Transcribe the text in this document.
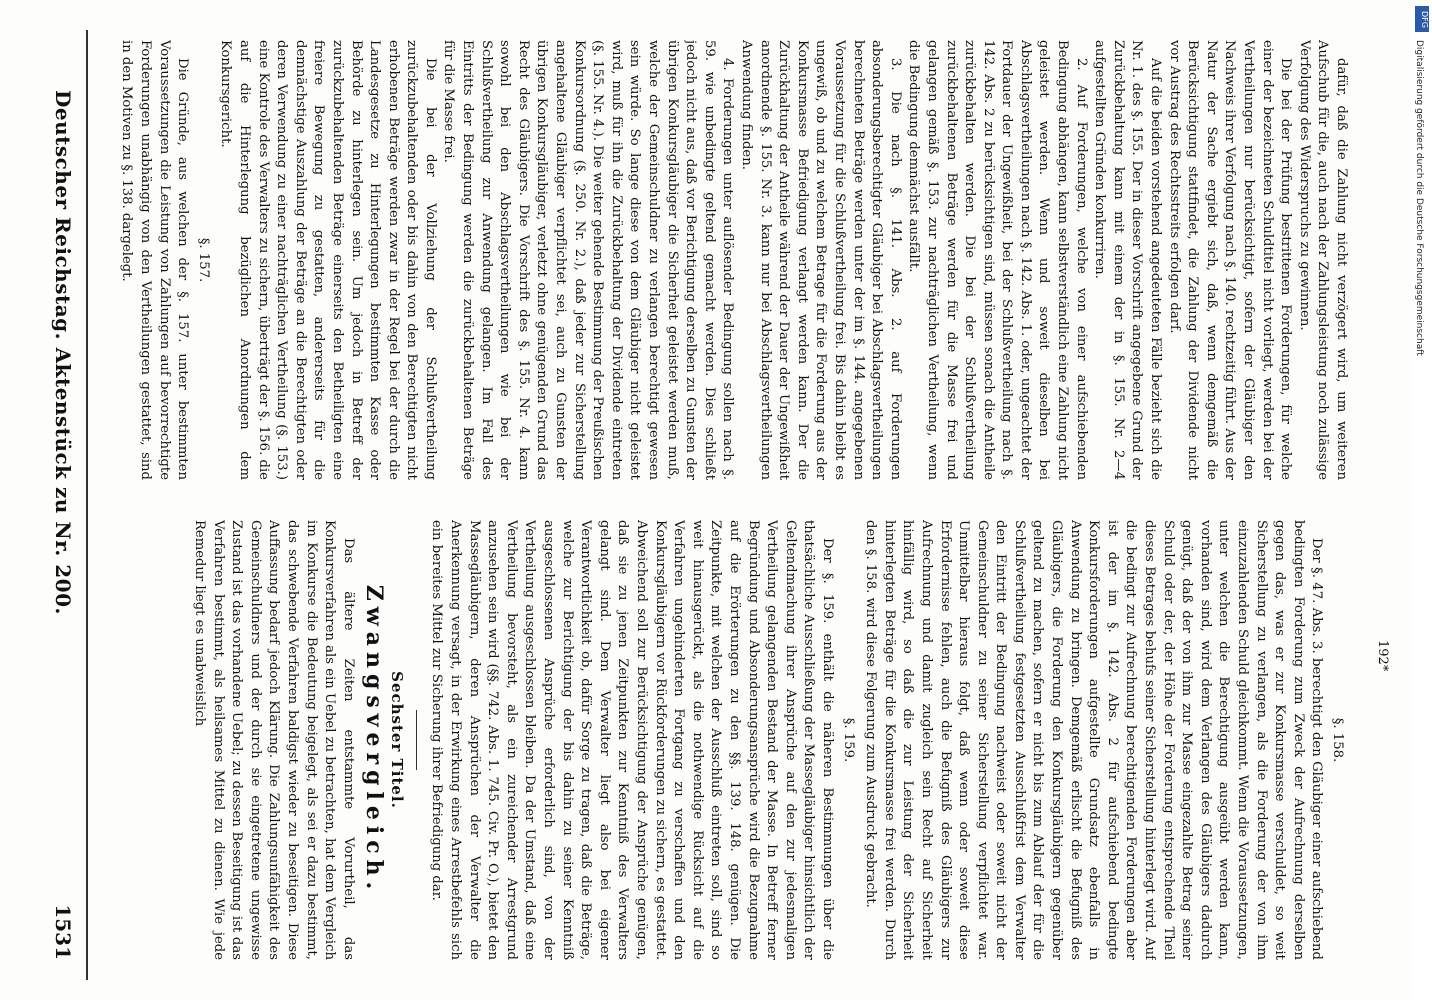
Deutscher Reichstag. Aktenstück zu Nr. 200.
1531

dafür, daß die Zahlung nicht verzögert wird, um weiteren Aufschub für die, auch nach der Zahlungsleistung noch zulässige Verfolgung des Widerspruchs zu gewinnen.

Die bei der Prüfung bestrittenen Forderungen, für welche einer der bezeichneten Schuldtitel nicht vorliegt, werden bei der Vertheilungen nur berücksichtigt, sofern der Gläubiger den Nachweis ihrer Verfolgung nach §. 140. rechtzeitig führt. Aus der Natur der Sache ergiebt sich, daß, wenn demgemäß die Berücksichtigung stattfindet, die Zahlung der Dividende nicht vor Austrag des Rechtsstreits erfolgen darf.

Auf die beiden vorstehend angedeuteten Fälle bezieht sich die Nr. 1. des §. 155. Der in dieser Vorschrift angegebene Grund der Zurückbehaltung kann mit einem der in §. 155. Nr. 2—4 aufgestellten Gründen konkurriren.

2. Auf Forderungen, welche von einer aufschiebenden Bedingung abhängen, kann selbstverständlich eine Zahlung nicht geleistet werden. Wenn und soweit dieselben bei Abschlagsvertheilungen nach §. 142. Abs. 1. oder, ungeachtet der Fortdauer der Ungewißheit, bei der Schlußvertheilung nach §. 142. Abs. 2 zu berücksichtigen sind, müssen sonach die Antheile zurückbehalten werden. Die bei der Schlußvertheilung zurückbehaltenen Beträge werden für die Masse frei und gelangen gemäß §. 153. zur nachträglichen Vertheilung, wenn die Bedingung demnächst ausfällt.

3. Die nach §. 141. Abs. 2. auf Forderungen absonderungsberechtigter Gläubiger bei Abschlagsvertheilungen berechneten Beträge werden unter der im §. 144. angegebenen Voraussetzung für die Schlußvertheilung frei. Bis dahin bleibt es ungewiß, ob und zu welchem Betrage für die Forderung aus der Konkursmasse Befriedigung verlangt werden kann. Der die Zurückhaltung der Antheile während der Dauer der Ungewißheit anordnende §. 155. Nr. 3. kann nur bei Abschlagsvertheilungen Anwendung finden.

4. Forderungen unter auflösender Bedingung sollen nach §. 59. wie unbedingte geltend gemacht werden. Dies schließt jedoch nicht aus, daß vor Berichtigung derselben zu Gunsten der übrigen Konkursgläubiger die Sicherheit geleistet werden muß, welche der Gemeinschuldner zu verlangen berechtigt gewesen sein würde. So lange diese von dem Gläubiger nicht geleistet wird, muß für ihn die Zurückbehaltung der Dividende eintreten (§. 155. Nr. 4.). Die weiter gehende Bestimmung der Preußischen Konkursordnung (§. 250. Nr. 2.), daß jeder zur Sicherstellung angehaltene Gläubiger verpflichtet sei, auch zu Gunsten der übrigen Konkursgläubiger, verletzt ohne genügenden Grund das Recht des Gläubigers. Die Vorschrift des §. 155. Nr. 4. kann sowohl bei den Abschlagsvertheilungen wie bei der Schlußvertheilung zur Anwendung gelangen. Im Fall des Eintritts der Bedingung werden die zurückbehaltenen Beträge für die Masse frei.

Die bei der Vollziehung der Schlußvertheilung zurückzubehaltenden oder bis dahin von den Berechtigten nicht erhobenen Beträge werden zwar in der Regel bei der durch die Landesgesetze zu Hinterlegungen bestimmten Kasse oder Behörde zu hinterlegen sein. Um jedoch in Betreff der zurückzubehaltenden Beträge einerseits den Betheiligten eine freiere Bewegung zu gestatten, andererseits für die demnächstige Auszahlung der Beträge an die Berechtigten oder deren Verwendung zu einer nachträglichen Vertheilung (§. 153.) eine Kontrole des Verwalters zu sichern, überträgt der §. 156. die auf die Hinterlegung bezüglichen Anordnungen dem Konkursgericht.

§. 157.

Die Gründe, aus welchen der §. 157. unter bestimmten Voraussetzungen die Leistung von Zahlungen auf bevorrechtigte Forderungen unabhängig von den Vertheilungen gestattet, sind in den Motiven zu §. 138. dargelegt.

§. 158.

Der §. 47. Abs. 3. berechtigt den Gläubiger einer aufschiebend bedingten Forderung zum Zweck der Aufrechnung derselben gegen das, was er zur Konkursmasse verschuldet, so weit Sicherstellung zu verlangen, als die Forderung der von ihm einzuzahlenden Schuld gleichkommt. Wenn die Voraussetzungen, unter welchen die Berechtigung ausgeübt werden kann, vorhanden sind, wird dem Verlangen des Gläubigers dadurch genügt, daß der von ihm zur Masse eingezahlte Betrag seiner Schuld oder der, der Höhe der Forderung entsprechende Theil dieses Betrages behufs seiner Sicherstellung hinterlegt wird. Auf die bedingt zur Aufrechnung berechtigenden Forderungen aber ist der im §. 142. Abs. 2 für aufschiebend bedingte Konkursforderungen aufgestellte Grundsatz ebenfalls in Anwendung zu bringen. Demgemäß erlischt die Befugniß des Gläubigers, die Forderung den Konkursgläubigern gegenüber geltend zu machen, sofern er nicht bis zum Ablauf der für die Schlußvertheilung festgesetzten Ausschlußfrist dem Verwalter den Eintritt der Bedingung nachweist oder soweit nicht der Gemeinschuldner zu seiner Sicherstellung verpflichtet war. Unmittelbar hieraus folgt, daß wenn oder soweit diese Erfordernisse fehlen, auch die Befugniß des Gläubigers zur Aufrechnung und damit zugleich sein Recht auf Sicherheit hinfällig wird, so daß die zur Leistung der Sicherheit hinterlegten Beträge für die Konkursmasse frei werden. Durch den §. 158. wird diese Folgerung zum Ausdruck gebracht.

§. 159.

Der §. 159. enthält die näheren Bestimmungen über die thatsächliche Ausschließung der Massegläubiger hinsichtlich der Geltendmachung ihrer Ansprüche auf den zur jedesmaligen Vertheilung gelangenden Bestand der Masse. In Betreff ferner Begründung und Absonderungsansprüche wird die Bezugnahme auf die Erörterungen zu den §§. 139. 148. genügen. Die Zeitpunkte, mit welchen der Ausschluß eintreten soll, sind so weit hinausgerückt, als die nothwendige Rücksicht auf die Verfahren ungehinderten Fortgang zu verschaffen und den Konkursgläubigern vor Rückforderungen zu sichern, es gestattet. Abweichend soll zur Berücksichtigung der Ansprüche genügen, daß sie zu jenen Zeitpunkten zur Kenntniß des Verwalters gelangt sind. Dem Verwalter liegt also bei eigener Verantwortlichkeit ob, dafür Sorge zu tragen, daß die Beträge, welche zur Berichtigung der bis dahin zu seiner Kenntniß ausgeschlossenen Ansprüche erforderlich sind, von der Vertheilung ausgeschlossen bleiben. Da der Umstand, daß eine Vertheilung bevorsteht, als ein zureichender Arrestgrund anzusehen sein wird (§§. 742. Abs. 1. 745. Civ. Pr. O.), bietet den Massegläubigern, deren Ansprüchen der Verwalter die Anerkennung versagt, in der Erwirkung eines Arrestbefehls sich ein bereites Mittel zur Sicherung ihrer Befriedigung dar.

Sechster Titel.
Zwangsvergleich.

Das ältere Zeiten entstammte Vorurtheil, das Konkursverfahren als ein Uebel zu betrachten, hat dem Vergleich im Konkurse die Bedeutung beigelegt, als sei er dazu bestimmt, das schwebende Verfahren baldigst wieder zu beseitigen. Diese Auffassung bedarf jedoch Klärung. Die Zahlungsunfähigkeit des Gemeinschuldners und der durch sie eingetretene ungewisse Zustand ist das vorhandene Uebel; zu dessen Beseitigung ist das Verfahren bestimmt, als heilsames Mittel zu dienen. Wie jede Remedur liegt es unabweislich	192*
DFG
Digitalisierung gefördert durch die Deutsche Forschungsgemeinschaft
